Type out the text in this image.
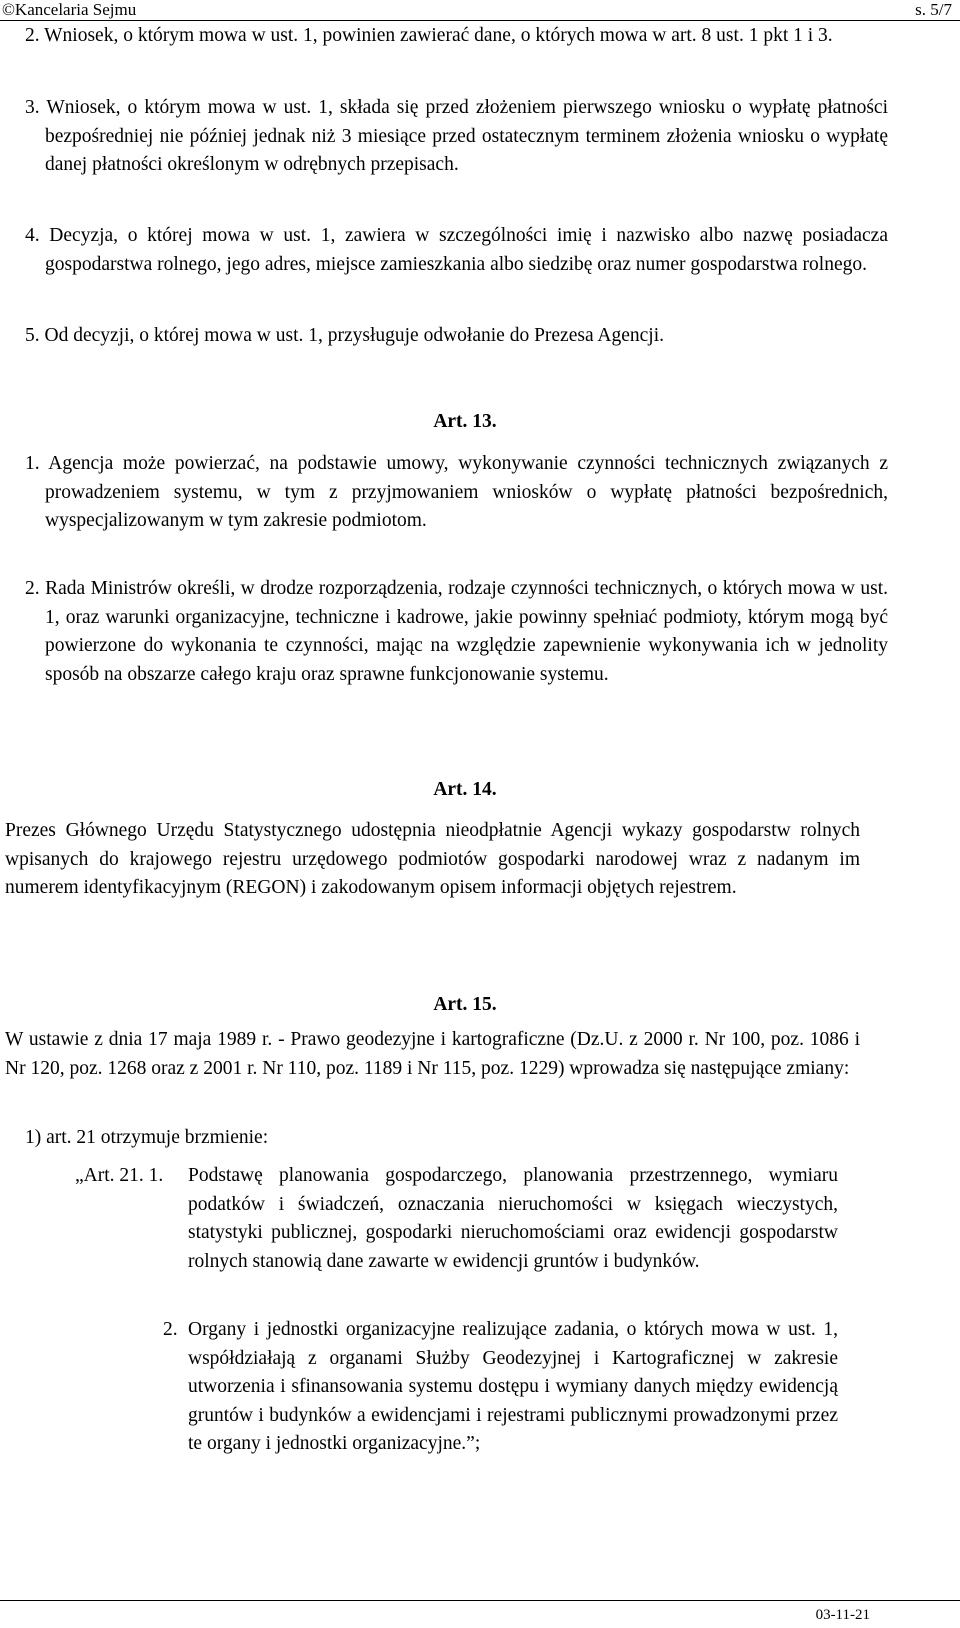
©Kancelaria Sejmu	s. 5/7

2. Wniosek, o którym mowa w ust. 1, powinien zawierać dane, o których mowa w art. 8 ust. 1 pkt 1 i 3.

3. Wniosek, o którym mowa w ust. 1, składa się przed złożeniem pierwszego wniosku o wypłatę płatności bezpośredniej nie później jednak niż 3 miesiące przed ostatecznym terminem złożenia wniosku o wypłatę danej płatności określonym w odrębnych przepisach.

4. Decyzja, o której mowa w ust. 1, zawiera w szczególności imię i nazwisko albo nazwę posiadacza gospodarstwa rolnego, jego adres, miejsce zamieszkania albo siedzibę oraz numer gospodarstwa rolnego.

5. Od decyzji, o której mowa w ust. 1, przysługuje odwołanie do Prezesa Agencji.

Art. 13.

1. Agencja może powierzać, na podstawie umowy, wykonywanie czynności technicznych związanych z prowadzeniem systemu, w tym z przyjmowaniem wniosków o wypłatę płatności bezpośrednich, wyspecjalizowanym w tym zakresie podmiotom.

2. Rada Ministrów określi, w drodze rozporządzenia, rodzaje czynności technicznych, o których mowa w ust. 1, oraz warunki organizacyjne, techniczne i kadrowe, jakie powinny spełniać podmioty, którym mogą być powierzone do wykonania te czynności, mając na względzie zapewnienie wykonywania ich w jednolity sposób na obszarze całego kraju oraz sprawne funkcjonowanie systemu.

Art. 14.

Prezes Głównego Urzędu Statystycznego udostępnia nieodpłatnie Agencji wykazy gospodarstw rolnych wpisanych do krajowego rejestru urzędowego podmiotów gospodarki narodowej wraz z nadanym im numerem identyfikacyjnym (REGON) i zakodowanym opisem informacji objętych rejestrem.

Art. 15.

W ustawie z dnia 17 maja 1989 r. - Prawo geodezyjne i kartograficzne (Dz.U. z 2000 r. Nr 100, poz. 1086 i Nr 120, poz. 1268 oraz z 2001 r. Nr 110, poz. 1189 i Nr 115, poz. 1229) wprowadza się następujące zmiany:

1) art. 21 otrzymuje brzmienie:

„Art. 21. 1.	Podstawę planowania gospodarczego, planowania przestrzennego, wymiaru podatków i świadczeń, oznaczania nieruchomości w księgach wieczystych, statystyki publicznej, gospodarki nieruchomościami oraz ewidencji gospodarstw rolnych stanowią dane zawarte w ewidencji gruntów i budynków.

2. Organy i jednostki organizacyjne realizujące zadania, o których mowa w ust. 1, współdziałają z organami Służby Geodezyjnej i Kartograficznej w zakresie utworzenia i sfinansowania systemu dostępu i wymiany danych między ewidencją gruntów i budynków a ewidencjami i rejestrami publicznymi prowadzonymi przez te organy i jednostki organizacyjne.”;

03-11-21
